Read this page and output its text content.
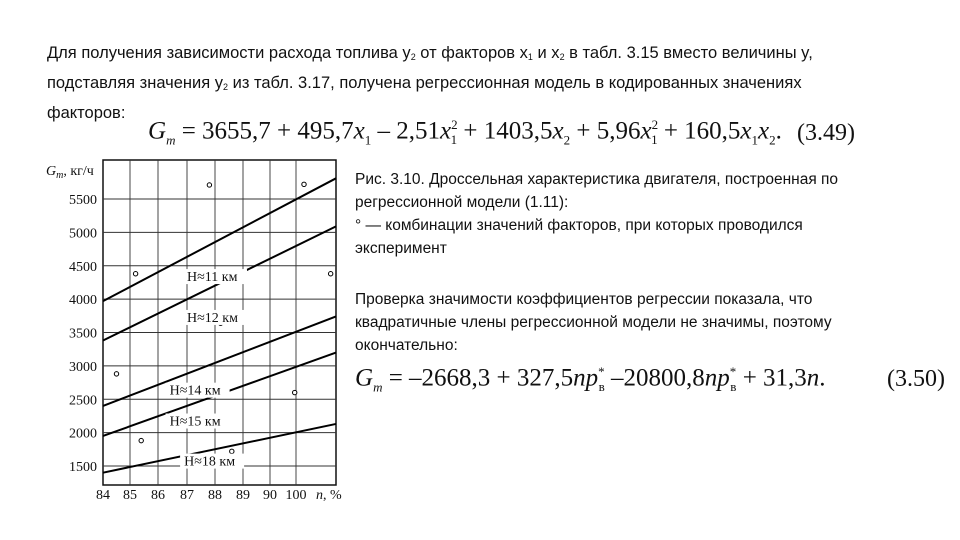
Для получения зависимости расхода топлива $y_2$ от факторов $x_1$ и $x_2$ в табл. 3.15 вместо величины y,
подставляя значения $y_2$ из табл. 3.17, получена регрессионная модель в кодированных значениях
факторов:
$G_m = 3655,7 + 495,7x_1 - 2,51x^2_1 + 1403,5x_2 + 5,96x^2_1 + 160,5x_1x_2$. (3.49)
1500
2000
2500
3000
3500
4000
4500
5000
5500
84 85 86 87 88 89 90 100
H≈11 км
H≈12 км
H≈14 км
H≈15 км
H≈18 км
$G_m$, кг/ч
n, %
Рис. 3.10. Дроссельная характеристика двигателя, построенная по
регрессионной модели (1.11):
° — комбинации значений факторов, при которых проводился
эксперимент
Проверка значимости коэффициентов регрессии показала, что
квадратичные члены регрессионной модели не значимы, поэтому
окончательно:
$G_m = -2668,3 + 327,5np^*_в$ $-20800,8np^*_в + 31,3n$.	(3.50)
